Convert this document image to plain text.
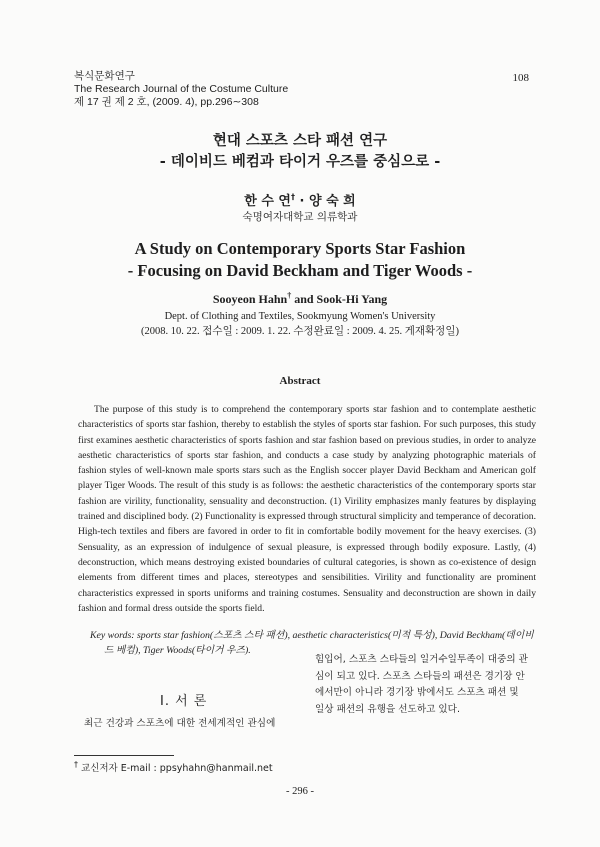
복식문화연구
The Research Journal of the Costume Culture
제 17 권 제 2 호, (2009. 4), pp.296∼308
108
현대 스포츠 스타 패션 연구
- 데이비드 베컴과 타이거 우즈를 중심으로 -
한 수 연† · 양 숙 희
숙명여자대학교 의류학과
A Study on Contemporary Sports Star Fashion
- Focusing on David Beckham and Tiger Woods -
Sooyeon Hahn† and Sook-Hi Yang
Dept. of Clothing and Textiles, Sookmyung Women's University
(2008. 10. 22. 접수일 : 2009. 1. 22. 수정완료일 : 2009. 4. 25. 게재확정일)
Abstract

The purpose of this study is to comprehend the contemporary sports star fashion and to contemplate aesthetic characteristics of sports star fashion, thereby to establish the styles of sports star fashion. For such purposes, this study first examines aesthetic characteristics of sports fashion and star fashion based on previous studies, in order to analyze aesthetic characteristics of sports star fashion, and conducts a case study by analyzing photographic materials of fashion styles of well-known male sports stars such as the English soccer player David Beckham and American golf player Tiger Woods. The result of this study is as follows: the aesthetic characteristics of the contemporary sports star fashion are virility, functionality, sensuality and deconstruction. (1) Virility emphasizes manly features by displaying trained and disciplined body. (2) Functionality is expressed through structural simplicity and temperance of decoration. High-tech textiles and fibers are favored in order to fit in comfortable bodily movement for the heavy exercises. (3) Sensuality, as an expression of indulgence of sexual pleasure, is expressed through bodily exposure. Lastly, (4) deconstruction, which means destroying existed boundaries of cultural categories, is shown as co-existence of design elements from different times and places, stereotypes and sensibilities. Virility and functionality are prominent characteristics expressed in sports uniforms and training costumes. Sensuality and deconstruction are shown in daily fashion and formal dress outside the sports field.

Key words: sports star fashion(스포츠 스타 패션), aesthetic characteristics(미적 특성), David Beckham(데이비
드 베컴), Tiger Woods(타이거 우즈).
힘입어, 스포츠 스타들의 일거수일투족이 대중의 관
심이 되고 있다. 스포츠 스타들의 패션은 경기장 안
에서만이 아니라 경기장 밖에서도 스포츠 패션 및
일상 패션의 유행을 선도하고 있다.
Ⅰ. 서 론
최근 건강과 스포츠에 대한 전세계적인 관심에
† 교신저자 E-mail : ppsyhahn@hanmail.net
- 296 -
